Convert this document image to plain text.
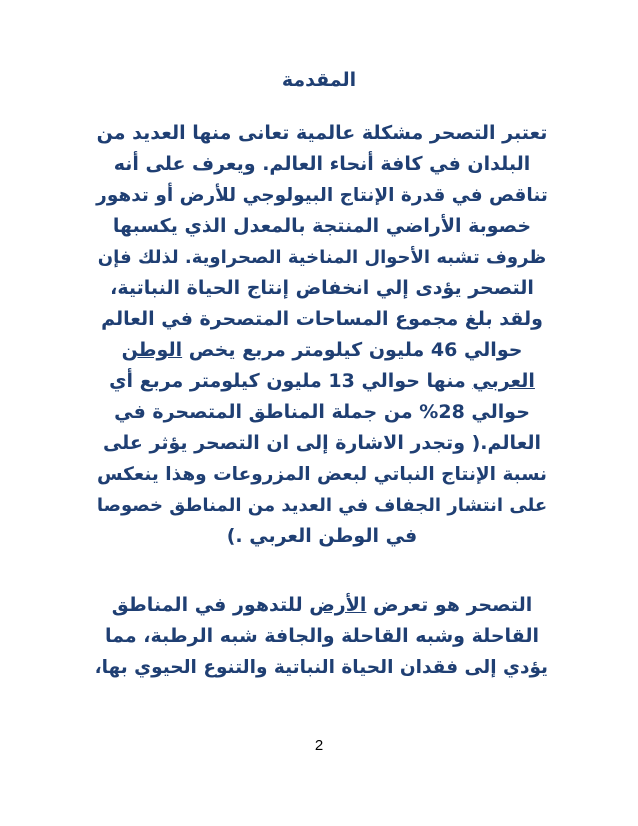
المقدمة
تعتبر التصحر مشكلة عالمية تعانى منها العديد من
البلدان في كافة أنحاء العالم. ويعرف على أنه
تناقص في قدرة الإنتاج البيولوجي للأرض أو تدهور
خصوبة الأراضي المنتجة بالمعدل الذي يكسبها
ظروف تشبه الأحوال المناخية الصحراوية. لذلك فإن
التصحر يؤدى إلي انخفاض إنتاج الحياة النباتية،
ولقد بلغ مجموع المساحات المتصحرة في العالم
حوالي 46 مليون كيلومتر مربع يخص الوطن
العربي منها حوالي 13 مليون كيلومتر مربع أي
حوالي 28% من جملة المناطق المتصحرة في
العالم.( وتجدر الاشارة إلى ان التصحر يؤثر على
نسبة الإنتاج النباتي لبعض المزروعات وهذا ينعكس
على انتشار الجفاف في العديد من المناطق خصوصا
في الوطن العربي .)
التصحر هو تعرض الأرض للتدهور في المناطق
القاحلة وشبه القاحلة والجافة شبه الرطبة، مما
يؤدي إلى فقدان الحياة النباتية والتنوع الحيوي بها،
2
